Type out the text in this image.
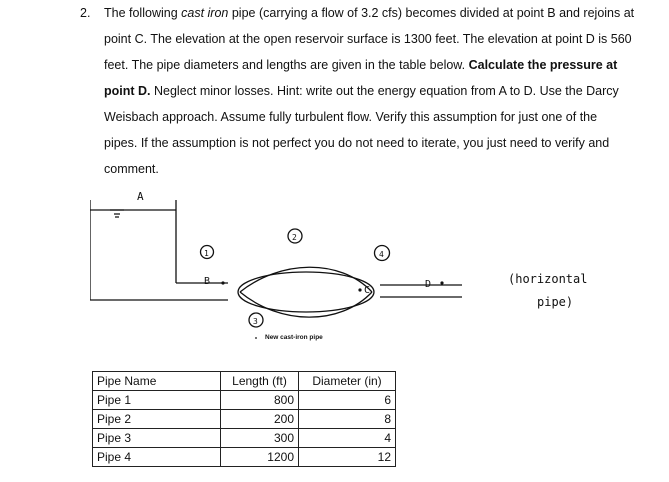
2. The following cast iron pipe (carrying a flow of 3.2 cfs) becomes divided at point B and rejoins at
point C. The elevation at the open reservoir surface is 1300 feet. The elevation at point D is 560
feet. The pipe diameters and lengths are given in the table below. Calculate the pressure at
point D. Neglect minor losses. Hint: write out the energy equation from A to D. Use the Darcy
Weisbach approach. Assume fully turbulent flow. Verify this assumption for just one of the
pipes. If the assumption is not perfect you do not need to iterate, you just need to verify and
comment.
A
B
C
D
1
2
3
4
New cast-iron pipe
(horizontal
pipe)
Pipe Name	Length (ft)	Diameter (in)
Pipe 1	800	6
Pipe 2	200	8
Pipe 3	300	4
Pipe 4	1200	12
